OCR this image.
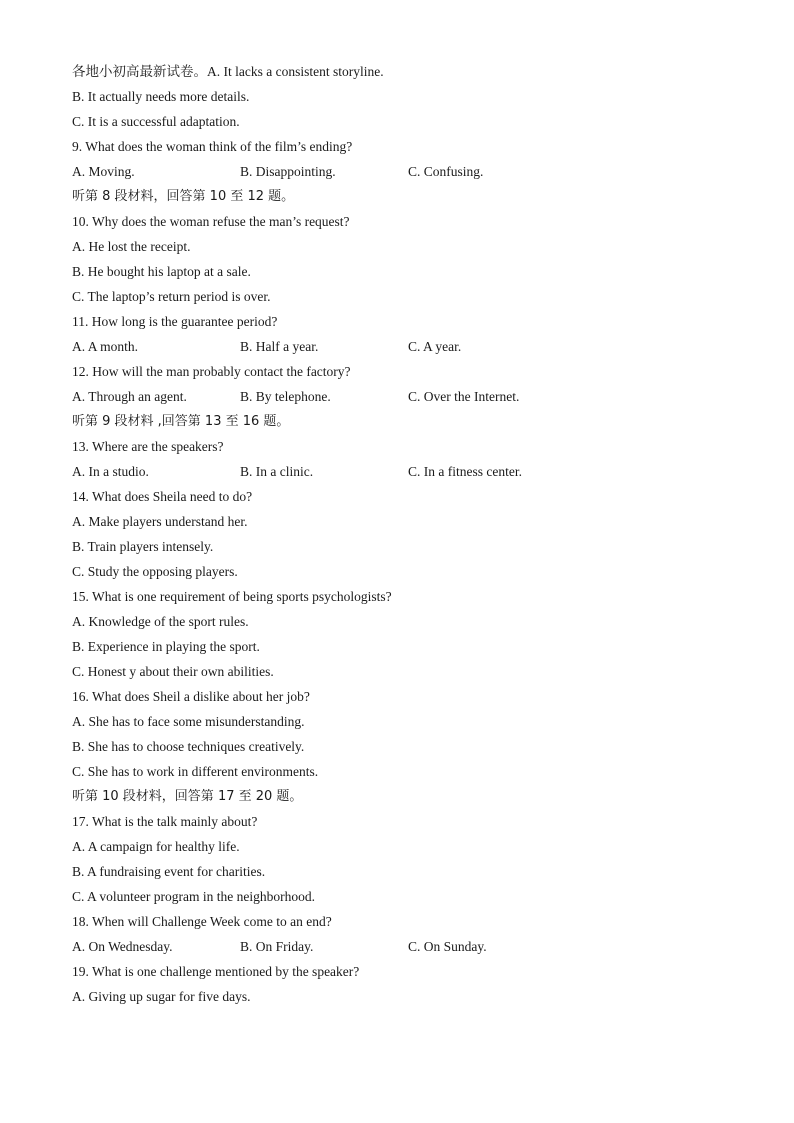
各地小初高最新试卷。A. It lacks a consistent storyline.
B. It actually needs more details.
C. It is a successful adaptation.
9. What does the woman think of the film’s ending?
A. Moving.	B. Disappointing.	C. Confusing.
听第 8 段材料，回答第 10 至 12 题。
10. Why does the woman refuse the man’s request?
A. He lost the receipt.
B. He bought his laptop at a sale.
C. The laptop’s return period is over.
11. How long is the guarantee period?
A. A month.	B. Half a year.	C. A year.
12. How will the man probably contact the factory?
A. Through an agent.	B. By telephone.	C. Over the Internet.
听第 9 段材料 ,回答第 13 至 16 题。
13. Where are the speakers?
A. In a studio.	B. In a clinic.	C. In a fitness center.
14. What does Sheila need to do?
A. Make players understand her.
B. Train players intensely.
C. Study the opposing players.
15. What is one requirement of being sports psychologists?
A. Knowledge of the sport rules.
B. Experience in playing the sport.
C. Honest y about their own abilities.
16. What does Sheil a dislike about her job?
A. She has to face some misunderstanding.
B. She has to choose techniques creatively.
C. She has to work in different environments.
听第 10 段材料，回答第 17 至 20 题。
17. What is the talk mainly about?
A. A campaign for healthy life.
B. A fundraising event for charities.
C. A volunteer program in the neighborhood.
18. When will Challenge Week come to an end?
A. On Wednesday.	B. On Friday.	C. On Sunday.
19. What is one challenge mentioned by the speaker?
A. Giving up sugar for five days.
